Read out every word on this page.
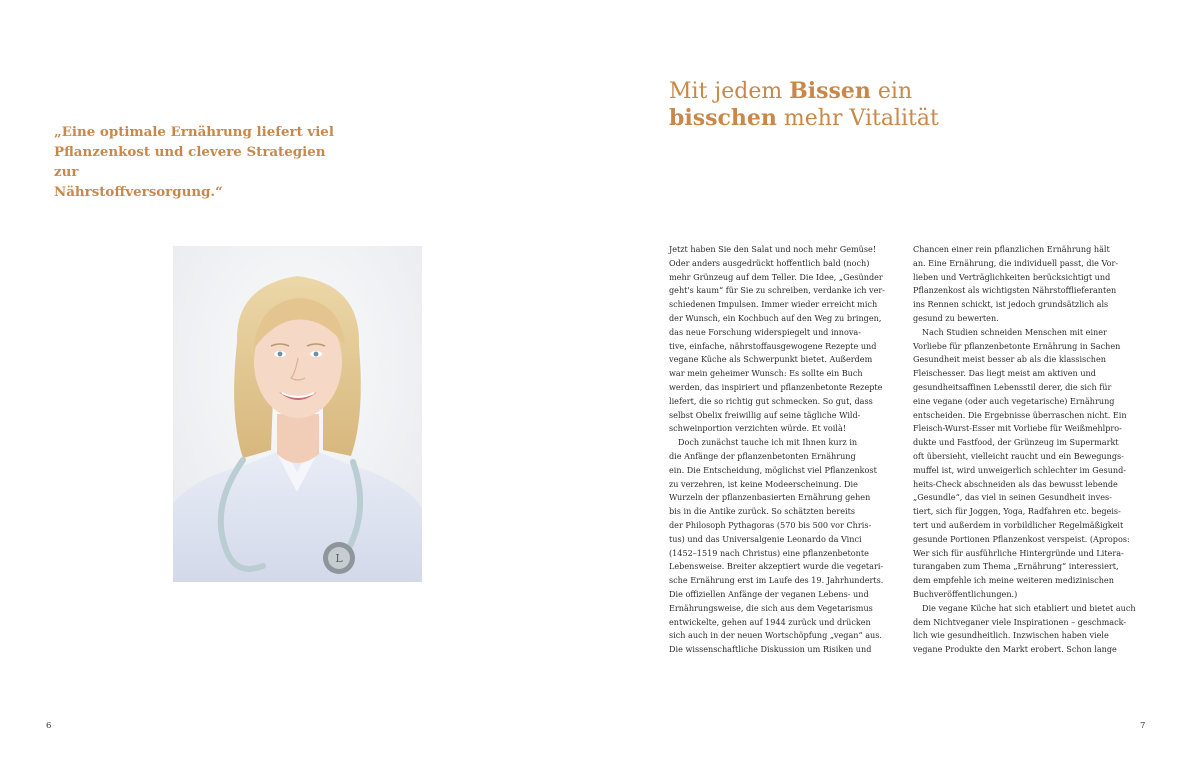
„Eine optimale Ernährung liefert viel
Pflanzenkost und clevere Strategien zur
Nährstoffversorgung.“

L
6
Mit jedem Bissen ein
bisschen mehr Vitalität
Jetzt haben Sie den Salat und noch mehr Gemüse!
Oder anders ausgedrückt hoffentlich bald (noch)
mehr Grünzeug auf dem Teller. Die Idee, „Gesünder
geht's kaum“ für Sie zu schreiben, verdanke ich ver-
schiedenen Impulsen. Immer wieder erreicht mich
der Wunsch, ein Kochbuch auf den Weg zu bringen,
das neue Forschung widerspiegelt und innova-
tive, einfache, nährstoffausgewogene Rezepte und
vegane Küche als Schwerpunkt bietet. Außerdem
war mein geheimer Wunsch: Es sollte ein Buch
werden, das inspiriert und pflanzenbetonte Rezepte
liefert, die so richtig gut schmecken. So gut, dass
selbst Obelix freiwillig auf seine tägliche Wild-
schweinportion verzichten würde. Et voilà!
Doch zunächst tauche ich mit Ihnen kurz in
die Anfänge der pflanzenbetonten Ernährung
ein. Die Entscheidung, möglichst viel Pflanzenkost
zu verzehren, ist keine Modeerscheinung. Die
Wurzeln der pflanzenbasierten Ernährung gehen
bis in die Antike zurück. So schätzten bereits
der Philosoph Pythagoras (570 bis 500 vor Chris-
tus) und das Universalgenie Leonardo da Vinci
(1452–1519 nach Christus) eine pflanzenbetonte
Lebensweise. Breiter akzeptiert wurde die vegetari-
sche Ernährung erst im Laufe des 19. Jahrhunderts.
Die offiziellen Anfänge der veganen Lebens- und
Ernährungsweise, die sich aus dem Vegetarismus
entwickelte, gehen auf 1944 zurück und drücken
sich auch in der neuen Wortschöpfung „vegan“ aus.
Die wissenschaftliche Diskussion um Risiken und
Chancen einer rein pflanzlichen Ernährung hält
an. Eine Ernährung, die individuell passt, die Vor-
lieben und Verträglichkeiten berücksichtigt und
Pflanzenkost als wichtigsten Nährstofflieferanten
ins Rennen schickt, ist jedoch grundsätzlich als
gesund zu bewerten.
Nach Studien schneiden Menschen mit einer
Vorliebe für pflanzenbetonte Ernährung in Sachen
Gesundheit meist besser ab als die klassischen
Fleischesser. Das liegt meist am aktiven und
gesundheitsaffinen Lebensstil derer, die sich für
eine vegane (oder auch vegetarische) Ernährung
entscheiden. Die Ergebnisse überraschen nicht. Ein
Fleisch-Wurst-Esser mit Vorliebe für Weißmehlpro-
dukte und Fastfood, der Grünzeug im Supermarkt
oft übersieht, vielleicht raucht und ein Bewegungs-
muffel ist, wird unweigerlich schlechter im Gesund-
heits-Check abschneiden als das bewusst lebende
„Gesundle“, das viel in seinen Gesundheit inves-
tiert, sich für Joggen, Yoga, Radfahren etc. begeis-
tert und außerdem in vorbildlicher Regelmäßigkeit
gesunde Portionen Pflanzenkost verspeist. (Apropos:
Wer sich für ausführliche Hintergründe und Litera-
turangaben zum Thema „Ernährung“ interessiert,
dem empfehle ich meine weiteren medizinischen
Buchveröffentlichungen.)
Die vegane Küche hat sich etabliert und bietet auch
dem Nichtveganer viele Inspirationen – geschmack-
lich wie gesundheitlich. Inzwischen haben viele
vegane Produkte den Markt erobert. Schon lange
7
